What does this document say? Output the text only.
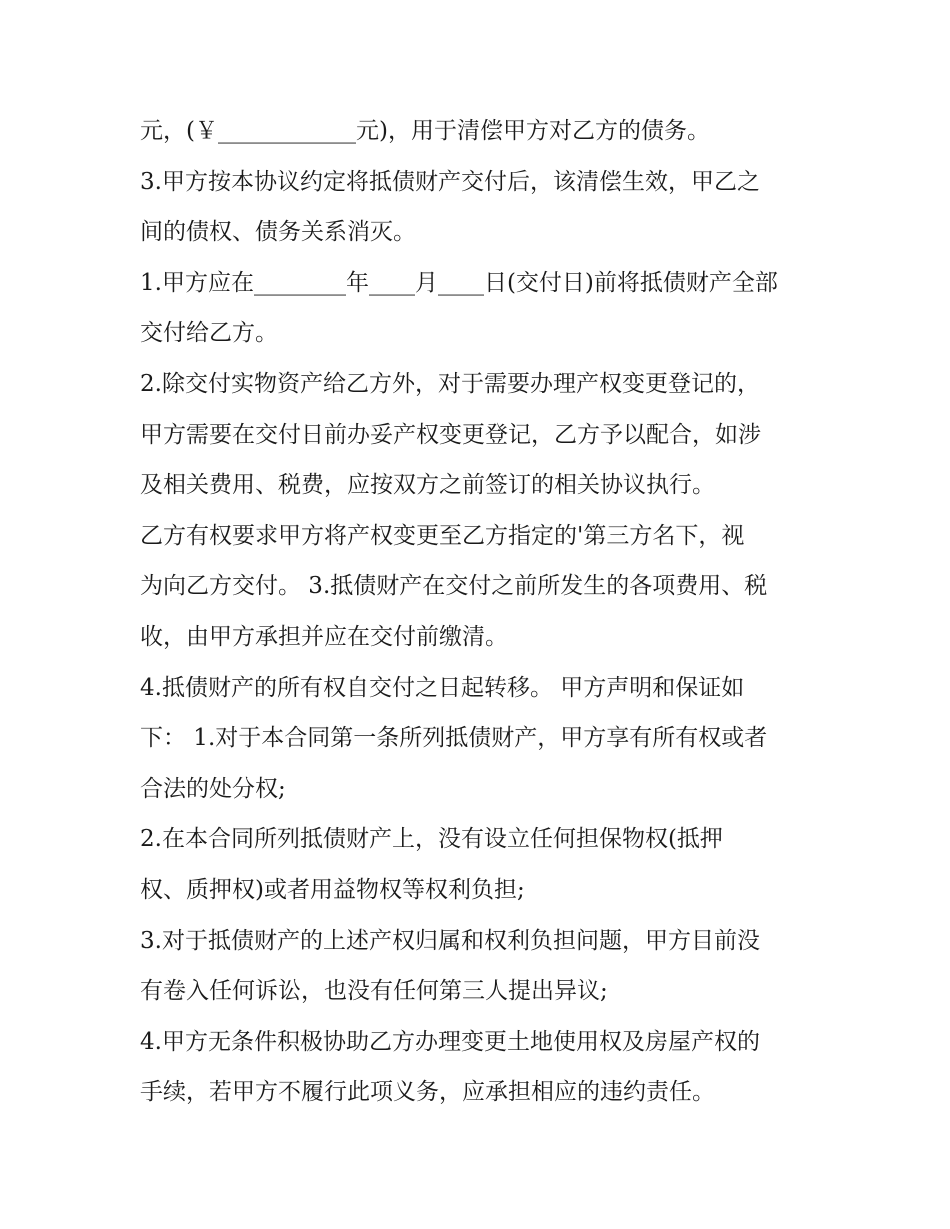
元，(￥____________元)，用于清偿甲方对乙方的债务。
3.甲方按本协议约定将抵债财产交付后，该清偿生效，甲乙之
间的债权、债务关系消灭。
1.甲方应在________年____月____日(交付日)前将抵债财产全部
交付给乙方。
2.除交付实物资产给乙方外，对于需要办理产权变更登记的，
甲方需要在交付日前办妥产权变更登记，乙方予以配合，如涉
及相关费用、税费，应按双方之前签订的相关协议执行。
乙方有权要求甲方将产权变更至乙方指定的'第三方名下，视
为向乙方交付。 3.抵债财产在交付之前所发生的各项费用、税
收，由甲方承担并应在交付前缴清。
4.抵债财产的所有权自交付之日起转移。 甲方声明和保证如
下： 1.对于本合同第一条所列抵债财产，甲方享有所有权或者
合法的处分权;
2.在本合同所列抵债财产上，没有设立任何担保物权(抵押
权、质押权)或者用益物权等权利负担;
3.对于抵债财产的上述产权归属和权利负担问题，甲方目前没
有卷入任何诉讼，也没有任何第三人提出异议;
4.甲方无条件积极协助乙方办理变更土地使用权及房屋产权的
手续，若甲方不履行此项义务，应承担相应的违约责任。
